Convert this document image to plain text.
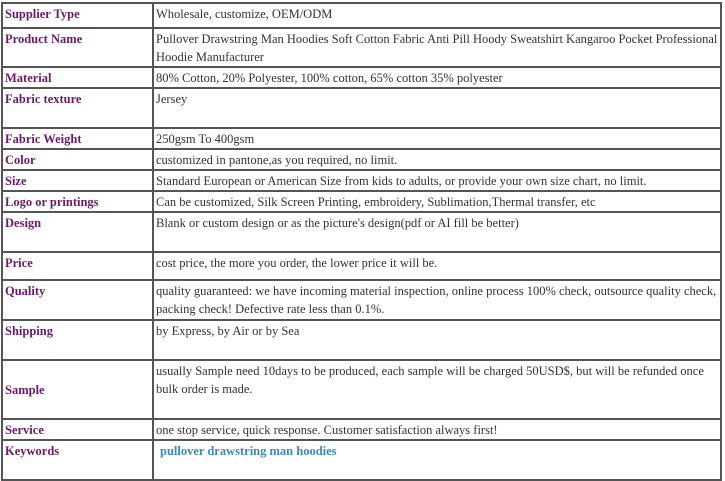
Supplier Type	Wholesale, customize, OEM/ODM
Product Name	Pullover Drawstring Man Hoodies Soft Cotton Fabric Anti Pill Hoody Sweatshirt Kangaroo Pocket Professional Hoodie Manufacturer
Material	80% Cotton, 20% Polyester, 100% cotton, 65% cotton 35% polyester
Fabric texture	Jersey
Fabric Weight	250gsm To 400gsm
Color	customized in pantone,as you required, no limit.
Size	Standard European or American Size from kids to adults, or provide your own size chart, no limit.
Logo or printings	Can be customized, Silk Screen Printing, embroidery, Sublimation,Thermal transfer, etc
Design	Blank or custom design or as the picture's design(pdf or AI fill be better)
Price	cost price, the more you order, the lower price it will be.
Quality	quality guaranteed: we have incoming material inspection, online process 100% check, outsource quality check, packing check! Defective rate less than 0.1%.
Shipping	by Express, by Air or by Sea
Sample	usually Sample need 10days to be produced, each sample will be charged 50USD$, but will be refunded once bulk order is made.
Service	one stop service, quick response. Customer satisfaction always first!
Keywords	pullover drawstring man hoodies
